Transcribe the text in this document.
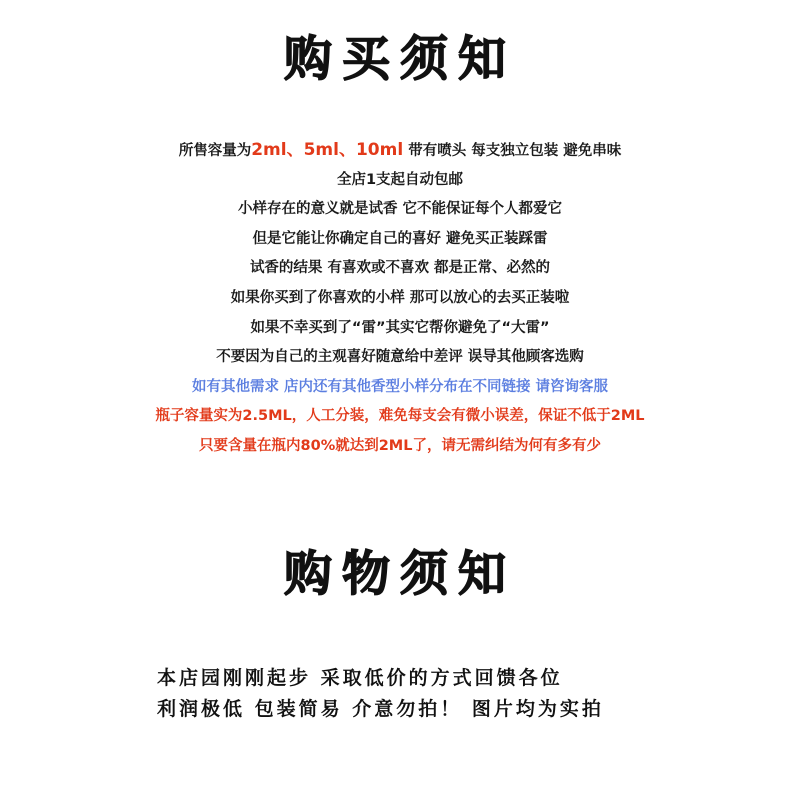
购买须知
所售容量为2ml、5ml、10ml 带有喷头 每支独立包装 避免串味
全店1支起自动包邮
小样存在的意义就是试香 它不能保证每个人都爱它
但是它能让你确定自己的喜好 避免买正装踩雷
试香的结果 有喜欢或不喜欢 都是正常、必然的
如果你买到了你喜欢的小样 那可以放心的去买正装啦
如果不幸买到了“雷”其实它帮你避免了“大雷”
不要因为自己的主观喜好随意给中差评 误导其他顾客选购
如有其他需求 店内还有其他香型小样分布在不同链接 请咨询客服
瓶子容量实为2.5ML，人工分装，难免每支会有微小误差，保证不低于2ML
只要含量在瓶内80%就达到2ML了，请无需纠结为何有多有少
购物须知
本店园刚刚起步 采取低价的方式回馈各位
利润极低 包装简易 介意勿拍！ 图片均为实拍
